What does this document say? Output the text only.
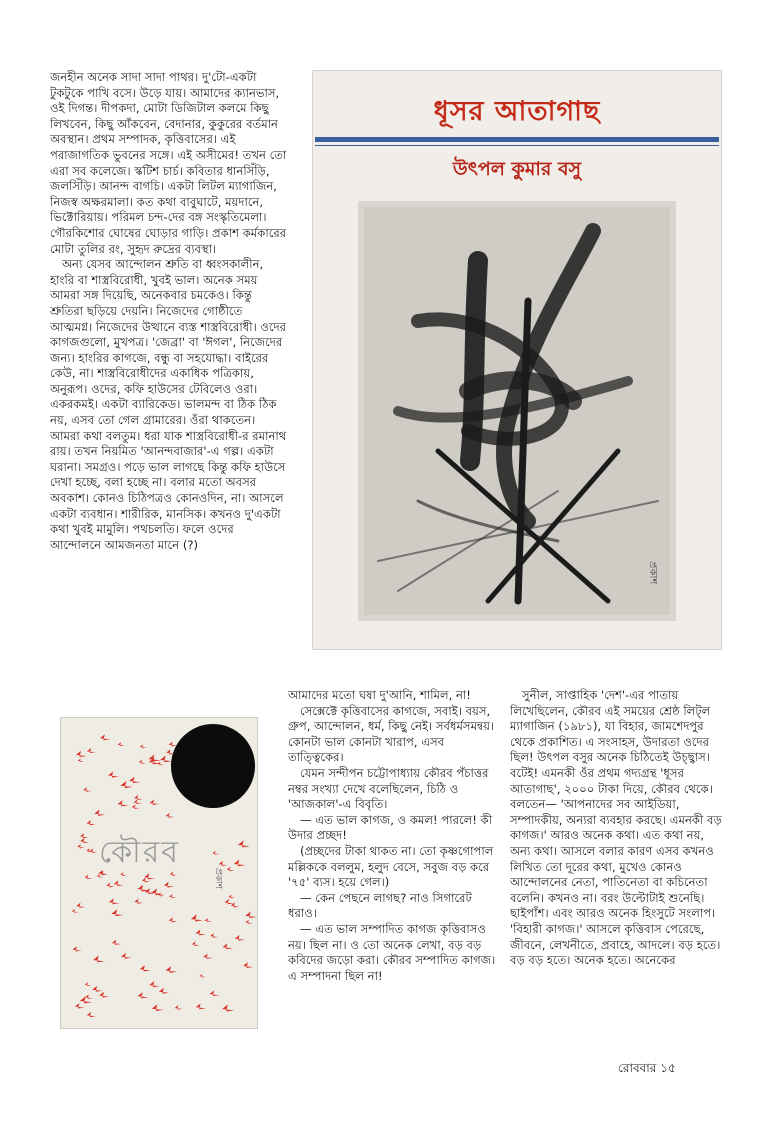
জনহীন অনেক সাদা সাদা পাথর। দু'টো-একটা টুকটুকে পাখি বসে। উড়ে যায়। আমাদের ক্যানভাস, ওই দিগন্ত। দীপকদা, মোটা ডিজিটাল কলমে কিছু লিখবেন, কিছু আঁকবেন, বেদানার, কুকুরের বর্তমান অবস্থান। প্রথম সম্পাদক, কৃত্তিবাসের। এই পরাজাগতিক ভুবনের সঙ্গে। এই অসীমের! তখন তো এরা সব কলেজে। স্কটিশ চার্চ। কবিতার ধানসিঁড়ি, জলসিঁড়ি। আনন্দ বাগচি। একটা লিটল ম্যাগাজিন, নিজস্ব অক্ষরমালা। কত কথা বাবুঘাটে, ময়দানে, ভিক্টোরিয়ায়। পরিমল চন্দ-দের বঙ্গ সংস্কৃতিমেলা। গৌরকিশোর ঘোষের ঘোড়ার গাড়ি। প্রকাশ কর্মকারের মোটা তুলির রং, সুহৃদ রুদ্রের ব্যবস্থা।

অন্য যেসব আন্দোলন শ্রুতি বা ধ্বংসকালীন, হাংরি বা শাস্ত্রবিরোধী, খুবই ভাল। অনেক সময় আমরা সঙ্গ দিয়েছি, অনেকবার চমকেও। কিন্তু শ্রুতিরা ছড়িয়ে দেয়নি। নিজেদের গোষ্ঠীতে আত্মমগ্ন। নিজেদের উত্থানে ব্যস্ত শাস্ত্রবিরোধী। ওদের কাগজগুলো, মুখপত্র। 'জেব্রা' বা 'ঈগল', নিজেদের জন্য। হাংরির কাগজে, বন্ধু বা সহযোদ্ধা। বাইরের কেউ, না। শাস্ত্রবিরোধীদের একাধিক পত্রিকায়, অনুরূপ। ওদের, কফি হাউসের টেবিলেও ওরা। একরকমই। একটা ব্যারিকেড। ভালমন্দ বা ঠিক ঠিক নয়, এসব তো গেল গ্রামারের। ওঁরা থাকতেন। আমরা কথা বলতুম। ধরা যাক শাস্ত্রবিরোধী-র রমানাথ রায়। তখন নিয়মিত 'আনন্দবাজার'-এ গল্প। একটা ঘরানা। সমগ্রও। পড়ে ভাল লাগছে কিন্তু কফি হাউসে দেখা হচ্ছে, বলা হচ্ছে না। বলার মতো অবসর অবকাশ। কোনও চিঠিপত্রও কোনওদিন, না। আসলে একটা ব্যবধান। শারীরিক, মানসিক। কখনও দু'একটা কথা খুবই মামুলি। পথচলতি। ফলে ওদের আন্দোলনে আমজনতা মানে (?)

ধূসর আতাগাছ
উৎপল কুমার বসু
প্রকাশ
কৌরব
প্রকাশ

আমাদের মতো ঘষা দু'আনি, শামিল, না!

সেক্সেক্টে কৃত্তিবাসের কাগজে, সবাই। বয়স, গ্রুপ, আন্দোলন, ধর্ম, কিছু নেই। সর্বধর্মসমন্বয়। কোনটা ভাল কোনটা খারাপ, এসব তাত্ত্বিকের।

যেমন সন্দীপন চট্টোপাধ্যায় কৌরব পঁচাত্তর নম্বর সংখ্যা দেখে বলেছিলেন, চিঠি ও 'আজকাল'-এ বিবৃতি।

— এত ভাল কাগজ, ও কমল! পারলে! কী উদার প্রচ্ছদ!

(প্রচ্ছদের টাকা থাকত না। তো কৃষ্ণগোপাল মল্লিককে বললুম, হলুদ বেসে, সবুজ বড় করে '৭৫' ব্যস। হয়ে গেল।)

— কেন পেছনে লাগছ? নাও সিগারেট ধরাও।

— এত ভাল সম্পাদিত কাগজ কৃত্তিবাসও নয়। ছিল না। ও তো অনেক লেখা, বড় বড় কবিদের জড়ো করা। কৌরব সম্পাদিত কাগজ। এ সম্পাদনা ছিল না!

সুনীল, সাপ্তাহিক 'দেশ'-এর পাতায় লিখেছিলেন, কৌরব এই সময়ের শ্রেষ্ঠ লিট্‌ল ম্যাগাজিন (১৯৮১), যা বিহার, জামশেদপুর থেকে প্রকাশিত। এ সংসাহস, উদারতা ওদের ছিল! উৎপল বসুর অনেক চিঠিতেই উচ্ছ্বাস। বটেই! এমনকী ওঁর প্রথম গদ্যগ্রন্থ 'ধূসর আতাগাছ', ২০০০ টাকা দিয়ে, কৌরব থেকে। বলতেন— 'আপনাদের সব আইডিয়া, সম্পাদকীয়, অন্যরা ব্যবহার করছে। এমনকী বড় কাগজ।' আরও অনেক কথা। এত কথা নয়, অন্য কথা। আসলে বলার কারণ এসব কখনও লিখিত তো দূরের কথা, মুখেও কোনও আন্দোলনের নেতা, পাতিনেতা বা কচিনেতা বলেনি। কখনও না। বরং উল্টোটাই শুনেছি। ছাইপাঁশ। এবং আরও অনেক হিংসুটে সংলাপ। 'বিহারী কাগজ।' আসলে কৃত্তিবাস পেরেছে, জীবনে, লেখনীতে, প্রবাহে, আদলে। বড় হতে। বড় বড় হতে। অনেক হতে। অনেকের

রোববার ১৫
